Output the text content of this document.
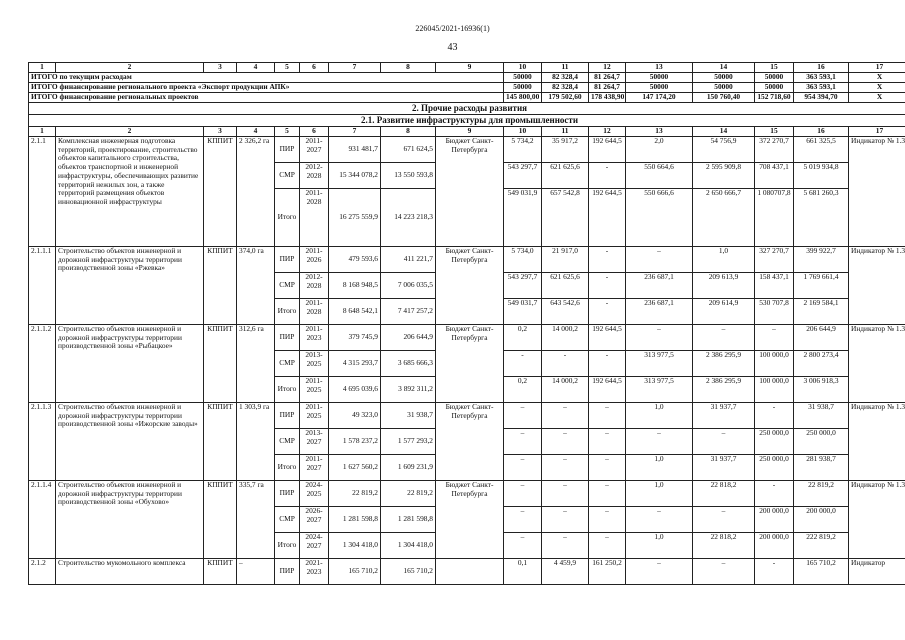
226045/2021-16936(1)
43
1	2	3	4	5	6	7	8	9	10	11	12	13	14	15	16	17
ИТОГО по текущим расходам									50000	82 328,4	81 264,7	50000	50000	50000	363 593,1	X
ИТОГО финансирование регионального проекта «Экспорт продукции АПК»									50000	82 328,4	81 264,7	50000	50000	50000	363 593,1	X
ИТОГО финансирование региональных проектов									145 800,00	179 502,60	178 438,90	147 174,20	150 760,40	152 718,60	954 394,70	X
2. Прочие расходы развития																
2.1. Развитие инфраструктуры для промышленности																
1	2	3	4	5	6	7	8	9	10	11	12	13	14	15	16	17
2.1.1	Комплексная инженерная подготовка территорий, проектирование, строительство объектов капитального строительства, объектов транспортной и инженерной инфраструктуры, обеспечивающих развитие территорий нежилых зон, а также территорий размещения объектов инновационной инфраструктуры	КППИТ	2 326,2 га	ПИР	2011-2027	931 481,7	671 624,5	Бюджет Санкт-Петербурга	5 734,2	35 917,2	192 644,5	2,0	54 756,9	372 270,7	661 325,5	Индикатор № 1.3
				СМР	2012-2028	15 344 078,2	13 550 593,8		543 297,7	621 625,6	-	550 664,6	2 595 909,8	708 437,1	5 019 934,8	
				Итого	2011-2028	16 275 559,9	14 223 218,3		549 031,9	657 542,8	192 644,5	550 666,6	2 650 666,7	1 080707,8	5 681 260,3	
2.1.1.1	Строительство объектов инженерной и дорожной инфраструктуры территории производственной зоны «Ржевка»	КППИТ	374,0 га	ПИР	2011-2026	479 593,6	411 221,7	Бюджет Санкт-Петербурга	5 734,0	21 917,0	-	–	1,0	327 270,7	399 922,7	Индикатор № 1.3
				СМР	2012-2028	8 168 948,5	7 006 035,5		543 297,7	621 625,6	-	236 687,1	209 613,9	158 437,1	1 769 661,4	
				Итого	2011-2028	8 648 542,1	7 417 257,2		549 031,7	643 542,6	-	236 687,1	209 614,9	530 707,8	2 169 584,1	
2.1.1.2	Строительство объектов инженерной и дорожной инфраструктуры территории производственной зоны «Рыбацкое»	КППИТ	312,6 га	ПИР	2011-2023	379 745,9	206 644,9	Бюджет Санкт-Петербурга	0,2	14 000,2	192 644,5	–	–	–	206 644,9	Индикатор № 1.3
				СМР	2013-2025	4 315 293,7	3 685 666,3		-	-	-	313 977,5	2 386 295,9	100 000,0	2 800 273,4	
				Итого	2011-2025	4 695 039,6	3 892 311,2		0,2	14 000,2	192 644,5	313 977,5	2 386 295,9	100 000,0	3 006 918,3	
2.1.1.3	Строительство объектов инженерной и дорожной инфраструктуры территории производственной зоны «Ижорские заводы»	КППИТ	1 303,9 га	ПИР	2011-2025	49 323,0	31 938,7	Бюджет Санкт-Петербурга	–	–	–	1,0	31 937,7	-	31 938,7	Индикатор № 1.3
				СМР	2013-2027	1 578 237,2	1 577 293,2		–	–	–	–	–	250 000,0	250 000,0	
				Итого	2011-2027	1 627 560,2	1 609 231,9		–	–	–	1,0	31 937,7	250 000,0	281 938,7	
2.1.1.4	Строительство объектов инженерной и дорожной инфраструктуры территории производственной зоны «Обухово»	КППИТ	335,7 га	ПИР	2024-2025	22 819,2	22 819,2	Бюджет Санкт-Петербурга	–	–	–	1,0	22 818,2	-	22 819,2	Индикатор № 1.3
				СМР	2026-2027	1 281 598,8	1 281 598,8		–	–	–	–	–	200 000,0	200 000,0	
				Итого	2024-2027	1 304 418,0	1 304 418,0		–	–	–	1,0	22 818,2	200 000,0	222 819,2	
2.1.2	Строительство мукомольного комплекса	КППИТ	–	ПИР	2021-2023	165 710,2	165 710,2		0,1	4 459,9	161 250,2	–	–	-	165 710,2	Индикатор
